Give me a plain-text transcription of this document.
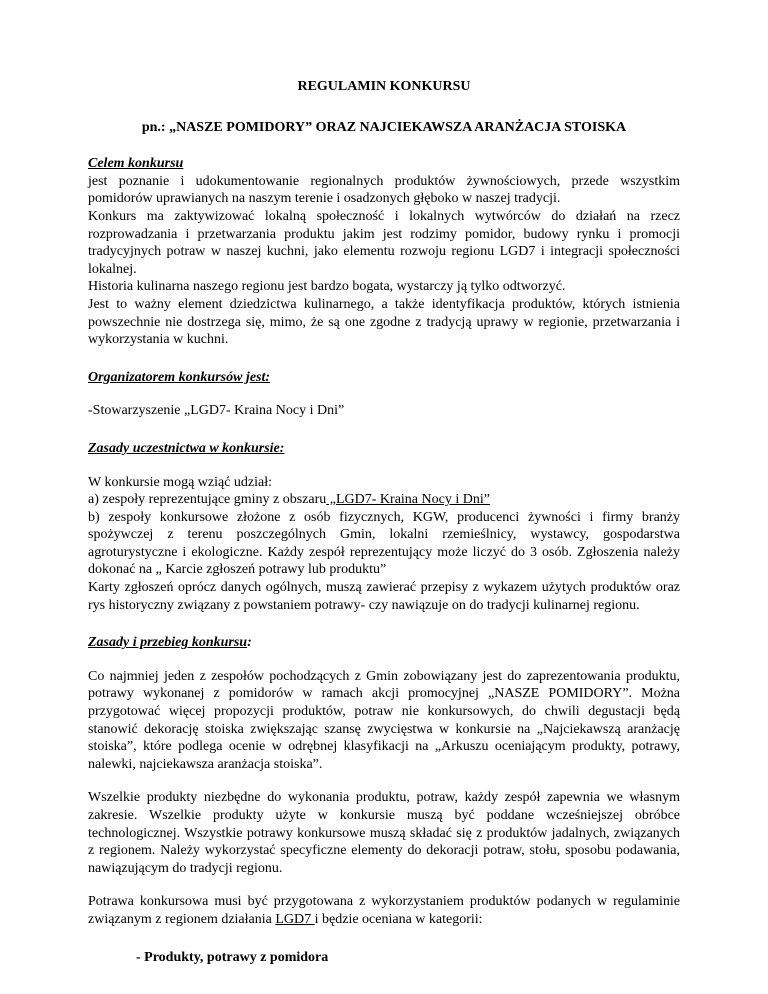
REGULAMIN KONKURSU

pn.: „NASZE POMIDORY” ORAZ NAJCIEKAWSZA ARANŻACJA STOISKA

Celem konkursu

jest poznanie i udokumentowanie regionalnych produktów żywnościowych, przede wszystkim pomidorów uprawianych na naszym terenie i osadzonych głęboko w naszej tradycji.

Konkurs ma zaktywizować lokalną społeczność i lokalnych wytwórców do działań na rzecz rozprowadzania i przetwarzania produktu jakim jest rodzimy pomidor, budowy rynku i promocji tradycyjnych potraw w naszej kuchni, jako elementu rozwoju regionu LGD7 i integracji społeczności lokalnej.

Historia kulinarna naszego regionu jest bardzo bogata, wystarczy ją tylko odtworzyć.

Jest to ważny element dziedzictwa kulinarnego, a także identyfikacja produktów, których istnienia powszechnie nie dostrzega się, mimo, że są one zgodne z tradycją uprawy w regionie, przetwarzania i wykorzystania w kuchni.

Organizatorem konkursów jest:

-Stowarzyszenie „LGD7- Kraina Nocy i Dni”

Zasady uczestnictwa w konkursie:

W konkursie mogą wziąć udział:

a) zespoły reprezentujące gminy z obszaru „LGD7- Kraina Nocy i Dni”

b) zespoły konkursowe złożone z osób fizycznych, KGW, producenci żywności i firmy branży spożywczej z terenu poszczególnych Gmin, lokalni rzemieślnicy, wystawcy, gospodarstwa agroturystyczne i ekologiczne. Każdy zespół reprezentujący może liczyć do 3 osób. Zgłoszenia należy dokonać na „ Karcie zgłoszeń potrawy lub produktu”

Karty zgłoszeń oprócz danych ogólnych, muszą zawierać przepisy z wykazem użytych produktów oraz rys historyczny związany z powstaniem potrawy- czy nawiązuje on do tradycji kulinarnej regionu.

Zasady i przebieg konkursu:

Co najmniej jeden z zespołów pochodzących z Gmin zobowiązany jest do zaprezentowania produktu, potrawy wykonanej z pomidorów w ramach akcji promocyjnej „NASZE POMIDORY”. Można przygotować więcej propozycji produktów, potraw nie konkursowych, do chwili degustacji będą stanowić dekorację stoiska zwiększając szansę zwycięstwa w konkursie na „Najciekawszą aranżację stoiska”, które podlega ocenie w odrębnej klasyfikacji na „Arkuszu oceniającym produkty, potrawy, nalewki, najciekawsza aranżacja stoiska”.

Wszelkie produkty niezbędne do wykonania produktu, potraw, każdy zespół zapewnia we własnym zakresie. Wszelkie produkty użyte w konkursie muszą być poddane wcześniejszej obróbce technologicznej. Wszystkie potrawy konkursowe muszą składać się z produktów jadalnych, związanych z regionem. Należy wykorzystać specyficzne elementy do dekoracji potraw, stołu, sposobu podawania, nawiązującym do tradycji regionu.

Potrawa konkursowa musi być przygotowana z wykorzystaniem produktów podanych w regulaminie związanym z regionem działania LGD7 i będzie oceniana w kategorii:

- Produkty, potrawy z pomidora
